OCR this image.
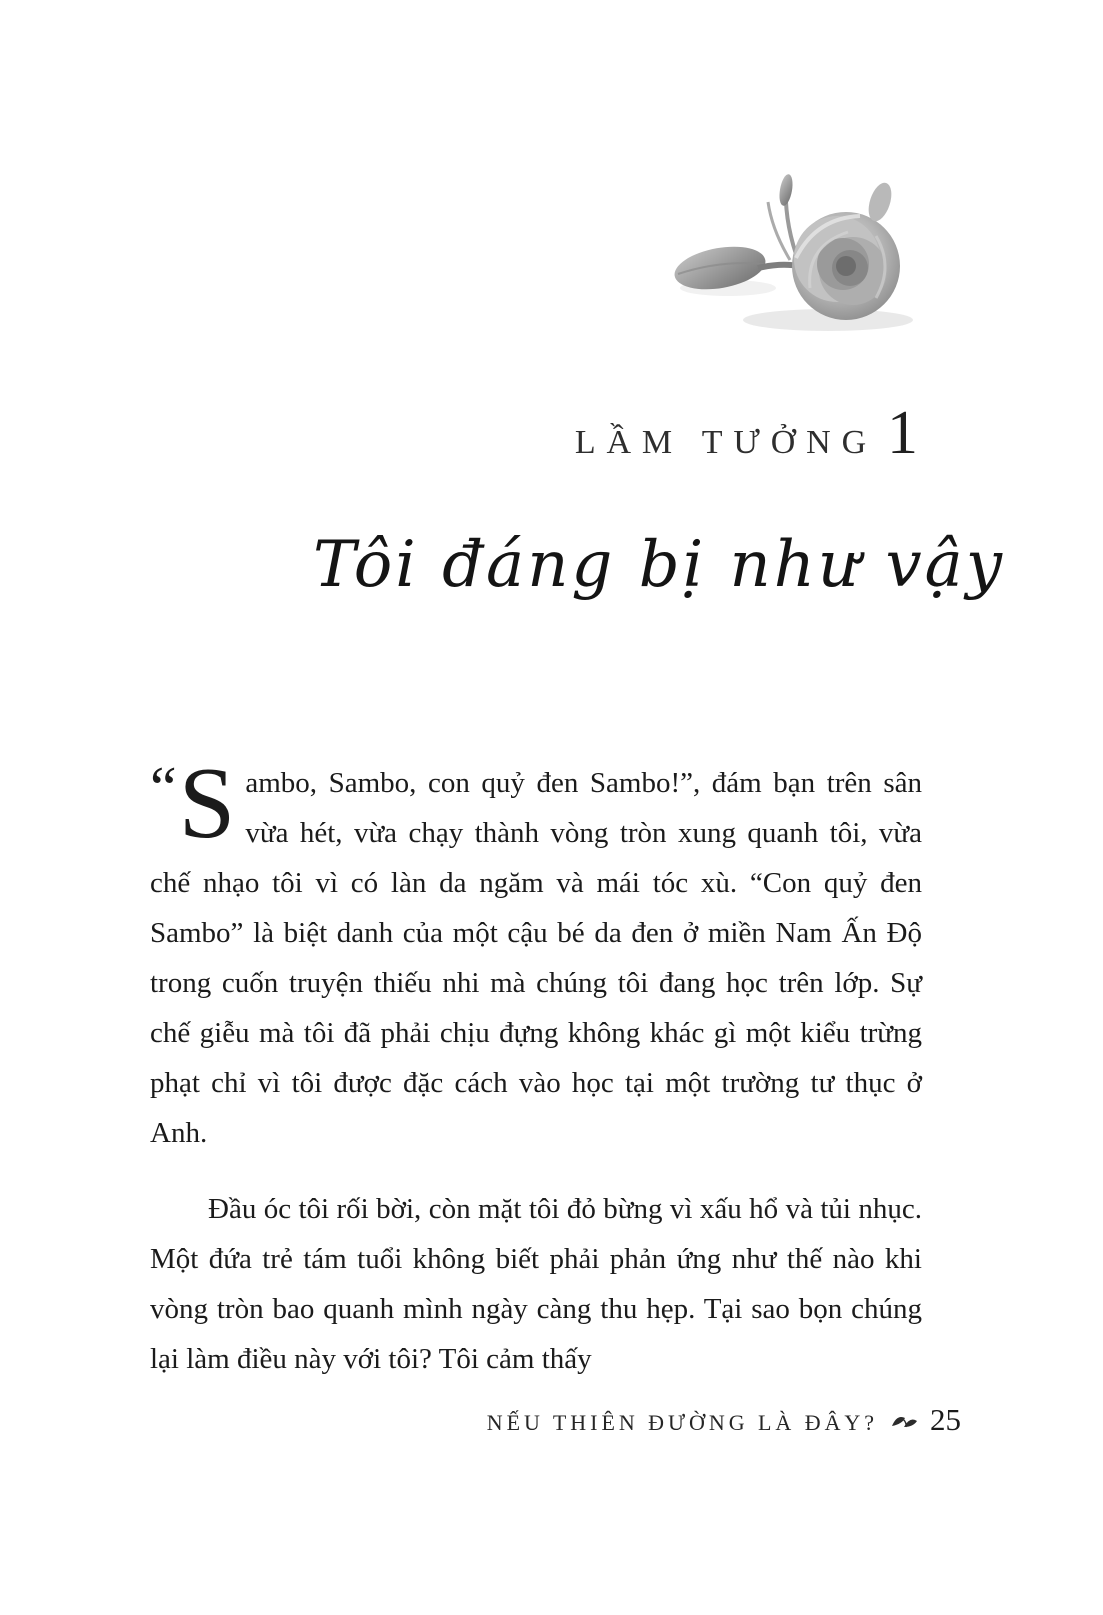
LẦM TƯỞNG 1
Tôi đáng bị như vậy

“S ambo, Sambo, con quỷ đen Sambo!”, đám bạn trên sân vừa hét, vừa chạy thành vòng tròn xung quanh tôi, vừa chế nhạo tôi vì có làn da ngăm và mái tóc xù. “Con quỷ đen Sambo” là biệt danh của một cậu bé da đen ở miền Nam Ấn Độ trong cuốn truyện thiếu nhi mà chúng tôi đang học trên lớp. Sự chế giễu mà tôi đã phải chịu đựng không khác gì một kiểu trừng phạt chỉ vì tôi được đặc cách vào học tại một trường tư thục ở Anh.

Đầu óc tôi rối bời, còn mặt tôi đỏ bừng vì xấu hổ và tủi nhục. Một đứa trẻ tám tuổi không biết phải phản ứng như thế nào khi vòng tròn bao quanh mình ngày càng thu hẹp. Tại sao bọn chúng lại làm điều này với tôi? Tôi cảm thấy

NẾU THIÊN ĐƯỜNG LÀ ĐÂY? 25
